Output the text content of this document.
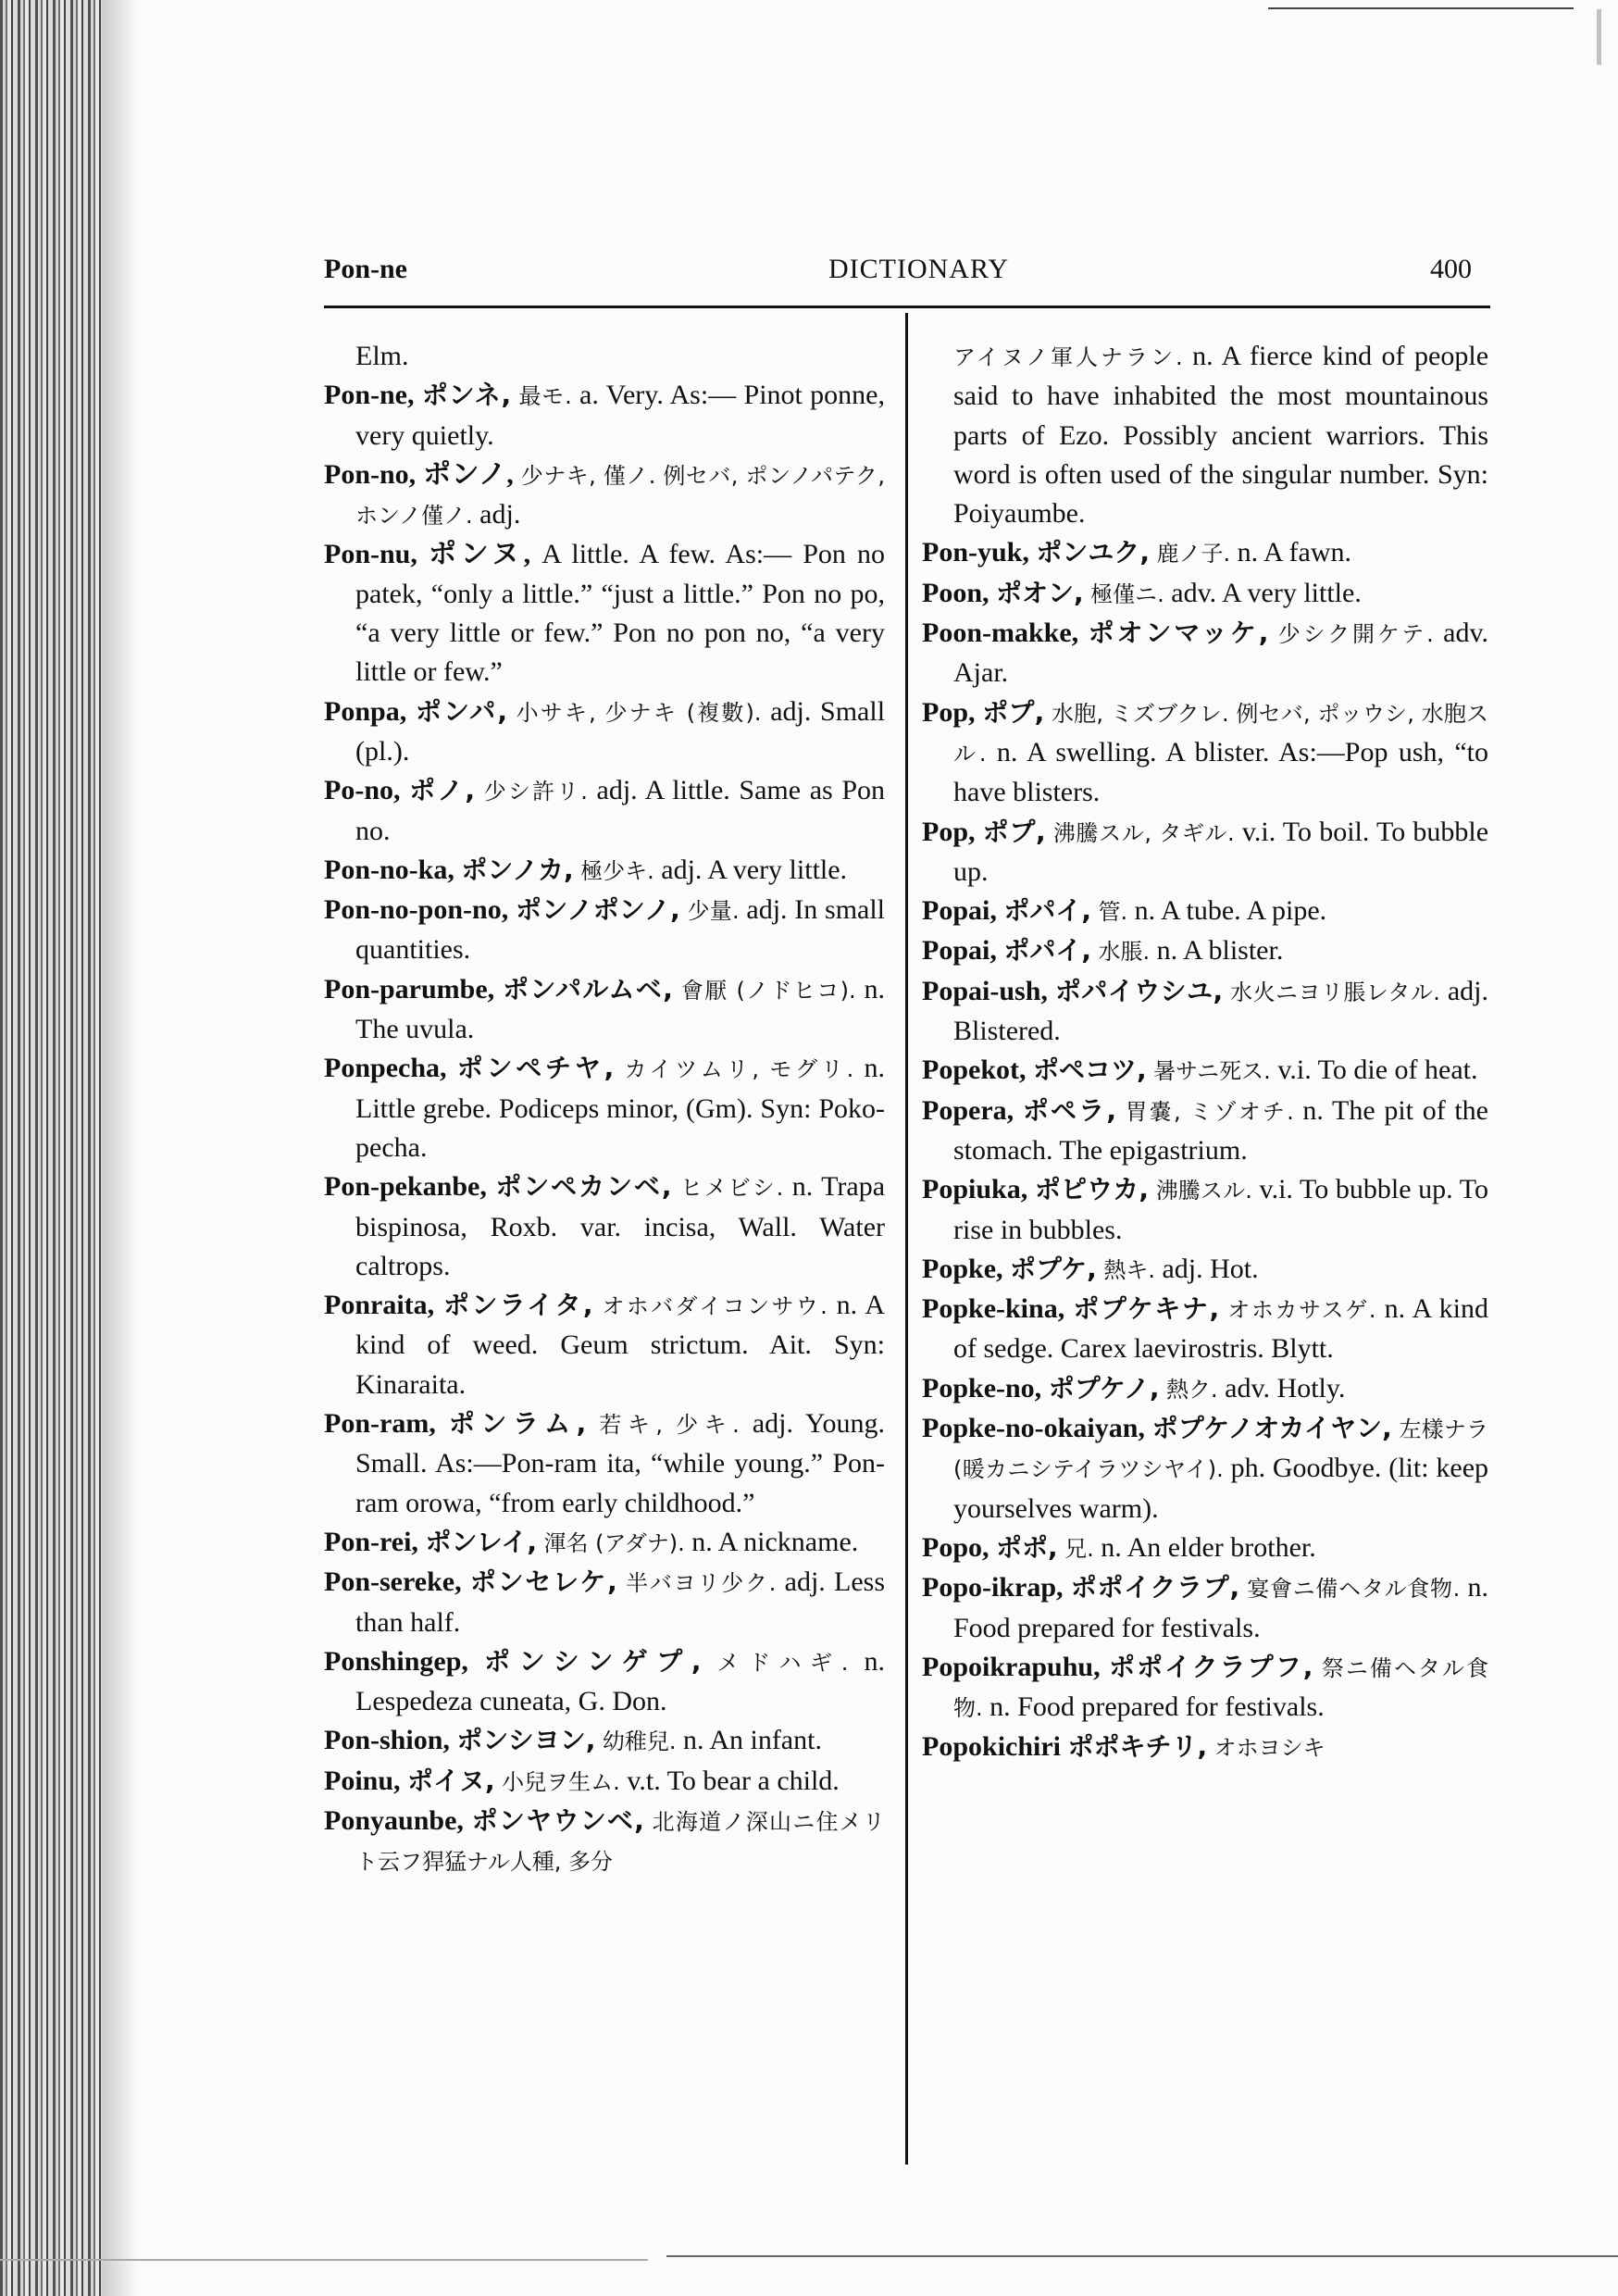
Pon-ne	DICTIONARY	400
Elm.
Pon-ne, ポンネ, 最モ. a. Very. As:— Pinot ponne, very quietly.
Pon-no, ポンノ, 少ナキ, 僅ノ. 例セバ, ポンノパテク, ホンノ僅ノ. adj.
Pon-nu, ポンヌ, A little. A few. As:— Pon no patek, “only a little.” “just a little.” Pon no po, “a very little or few.” Pon no pon no, “a very little or few.”
Ponpa, ポンパ, 小サキ, 少ナキ (複數). adj. Small (pl.).
Po-no, ポノ, 少シ許リ. adj. A little. Same as Pon no.
Pon-no-ka, ポンノカ, 極少キ. adj. A very little.
Pon-no-pon-no, ポンノポンノ, 少量. adj. In small quantities.
Pon-parumbe, ポンパルムベ, 會厭 (ノドヒコ). n. The uvula.
Ponpecha, ポンペチヤ, カイツムリ, モグリ. n. Little grebe. Podiceps minor, (Gm). Syn: Poko-pecha.
Pon-pekanbe, ポンペカンベ, ヒメビシ. n. Trapa bispinosa, Roxb. var. incisa, Wall. Water caltrops.
Ponraita, ポンライタ, オホバダイコンサウ. n. A kind of weed. Geum strictum. Ait. Syn: Kinaraita.
Pon-ram, ポンラム, 若キ, 少キ. adj. Young. Small. As:—Pon-ram ita, “while young.” Pon-ram orowa, “from early childhood.”
Pon-rei, ポンレイ, 渾名 (アダナ). n. A nickname.
Pon-sereke, ポンセレケ, 半バヨリ少ク. adj. Less than half.
Ponshingep, ポンシンゲプ, メドハギ. n. Lespedeza cuneata, G. Don.
Pon-shion, ポンシヨン, 幼稚兒. n. An infant.
Poinu, ポイヌ, 小兒ヲ生ム. v.t. To bear a child.
Ponyaunbe, ポンヤウンベ, 北海道ノ深山ニ住メリト云フ猂猛ナル人種, 多分
アイヌノ軍人ナラン. n. A fierce kind of people said to have inhabited the most mountainous parts of Ezo. Possibly ancient warriors. This word is often used of the singular number. Syn: Poiyaumbe.
Pon-yuk, ポンユク, 鹿ノ子. n. A fawn.
Poon, ポオン, 極僅ニ. adv. A very little.
Poon-makke, ポオンマッケ, 少シク開ケテ. adv. Ajar.
Pop, ポプ, 水胞, ミズブクレ. 例セバ, ポッウシ, 水胞スル. n. A swelling. A blister. As:—Pop ush, “to have blisters.
Pop, ポプ, 沸騰スル, タギル. v.i. To boil. To bubble up.
Popai, ポパイ, 管. n. A tube. A pipe.
Popai, ポパイ, 水脹. n. A blister.
Popai-ush, ポパイウシユ, 水火ニヨリ脹レタル. adj. Blistered.
Popekot, ポペコツ, 暑サニ死ス. v.i. To die of heat.
Popera, ポペラ, 胃嚢, ミゾオチ. n. The pit of the stomach. The epigastrium.
Popiuka, ポピウカ, 沸騰スル. v.i. To bubble up. To rise in bubbles.
Popke, ポプケ, 熱キ. adj. Hot.
Popke-kina, ポプケキナ, オホカサスゲ. n. A kind of sedge. Carex laevirostris. Blytt.
Popke-no, ポプケノ, 熱ク. adv. Hotly.
Popke-no-okaiyan, ポプケノオカイヤン, 左樣ナラ(暖カニシテイラツシヤイ). ph. Goodbye. (lit: keep yourselves warm).
Popo, ポポ, 兄. n. An elder brother.
Popo-ikrap, ポポイクラプ, 宴會ニ備ヘタル食物. n. Food prepared for festivals.
Popoikrapuhu, ポポイクラプフ, 祭ニ備ヘタル食物. n. Food prepared for festivals.
Popokichiri ポポキチリ, オホヨシキ
